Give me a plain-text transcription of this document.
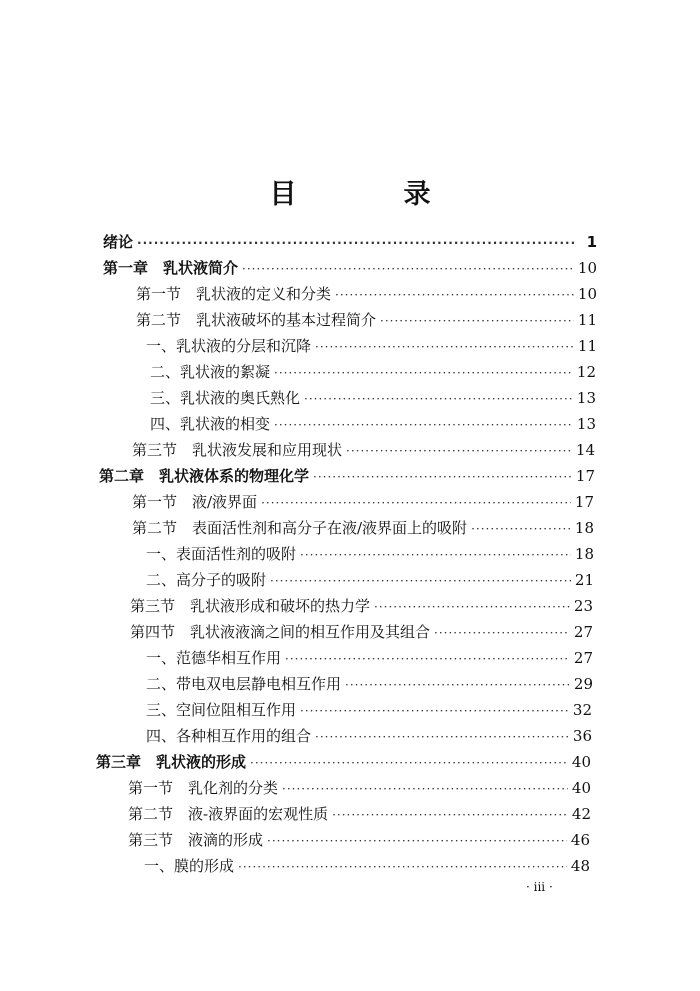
目　录
绪论 ·····	1
第一章　乳状液简介 ·····	10
第一节　乳状液的定义和分类 ·····	10
第二节　乳状液破坏的基本过程简介 ·····	11
一、乳状液的分层和沉降 ·····	11
二、乳状液的絮凝 ·····	12
三、乳状液的奥氏熟化 ·····	13
四、乳状液的相变 ·····	13
第三节　乳状液发展和应用现状 ·····	14
第二章　乳状液体系的物理化学 ·····	17
第一节　液/液界面 ·····	17
第二节　表面活性剂和高分子在液/液界面上的吸附 ·····	18
一、表面活性剂的吸附 ·····	18
二、高分子的吸附 ·····	21
第三节　乳状液形成和破坏的热力学 ·····	23
第四节　乳状液液滴之间的相互作用及其组合 ·····	27
一、范德华相互作用 ·····	27
二、带电双电层静电相互作用 ·····	29
三、空间位阻相互作用 ·····	32
四、各种相互作用的组合 ·····	36
第三章　乳状液的形成 ·····	40
第一节　乳化剂的分类 ·····	40
第二节　液-液界面的宏观性质 ·····	42
第三节　液滴的形成 ·····	46
一、膜的形成 ·····	48
· iii ·
